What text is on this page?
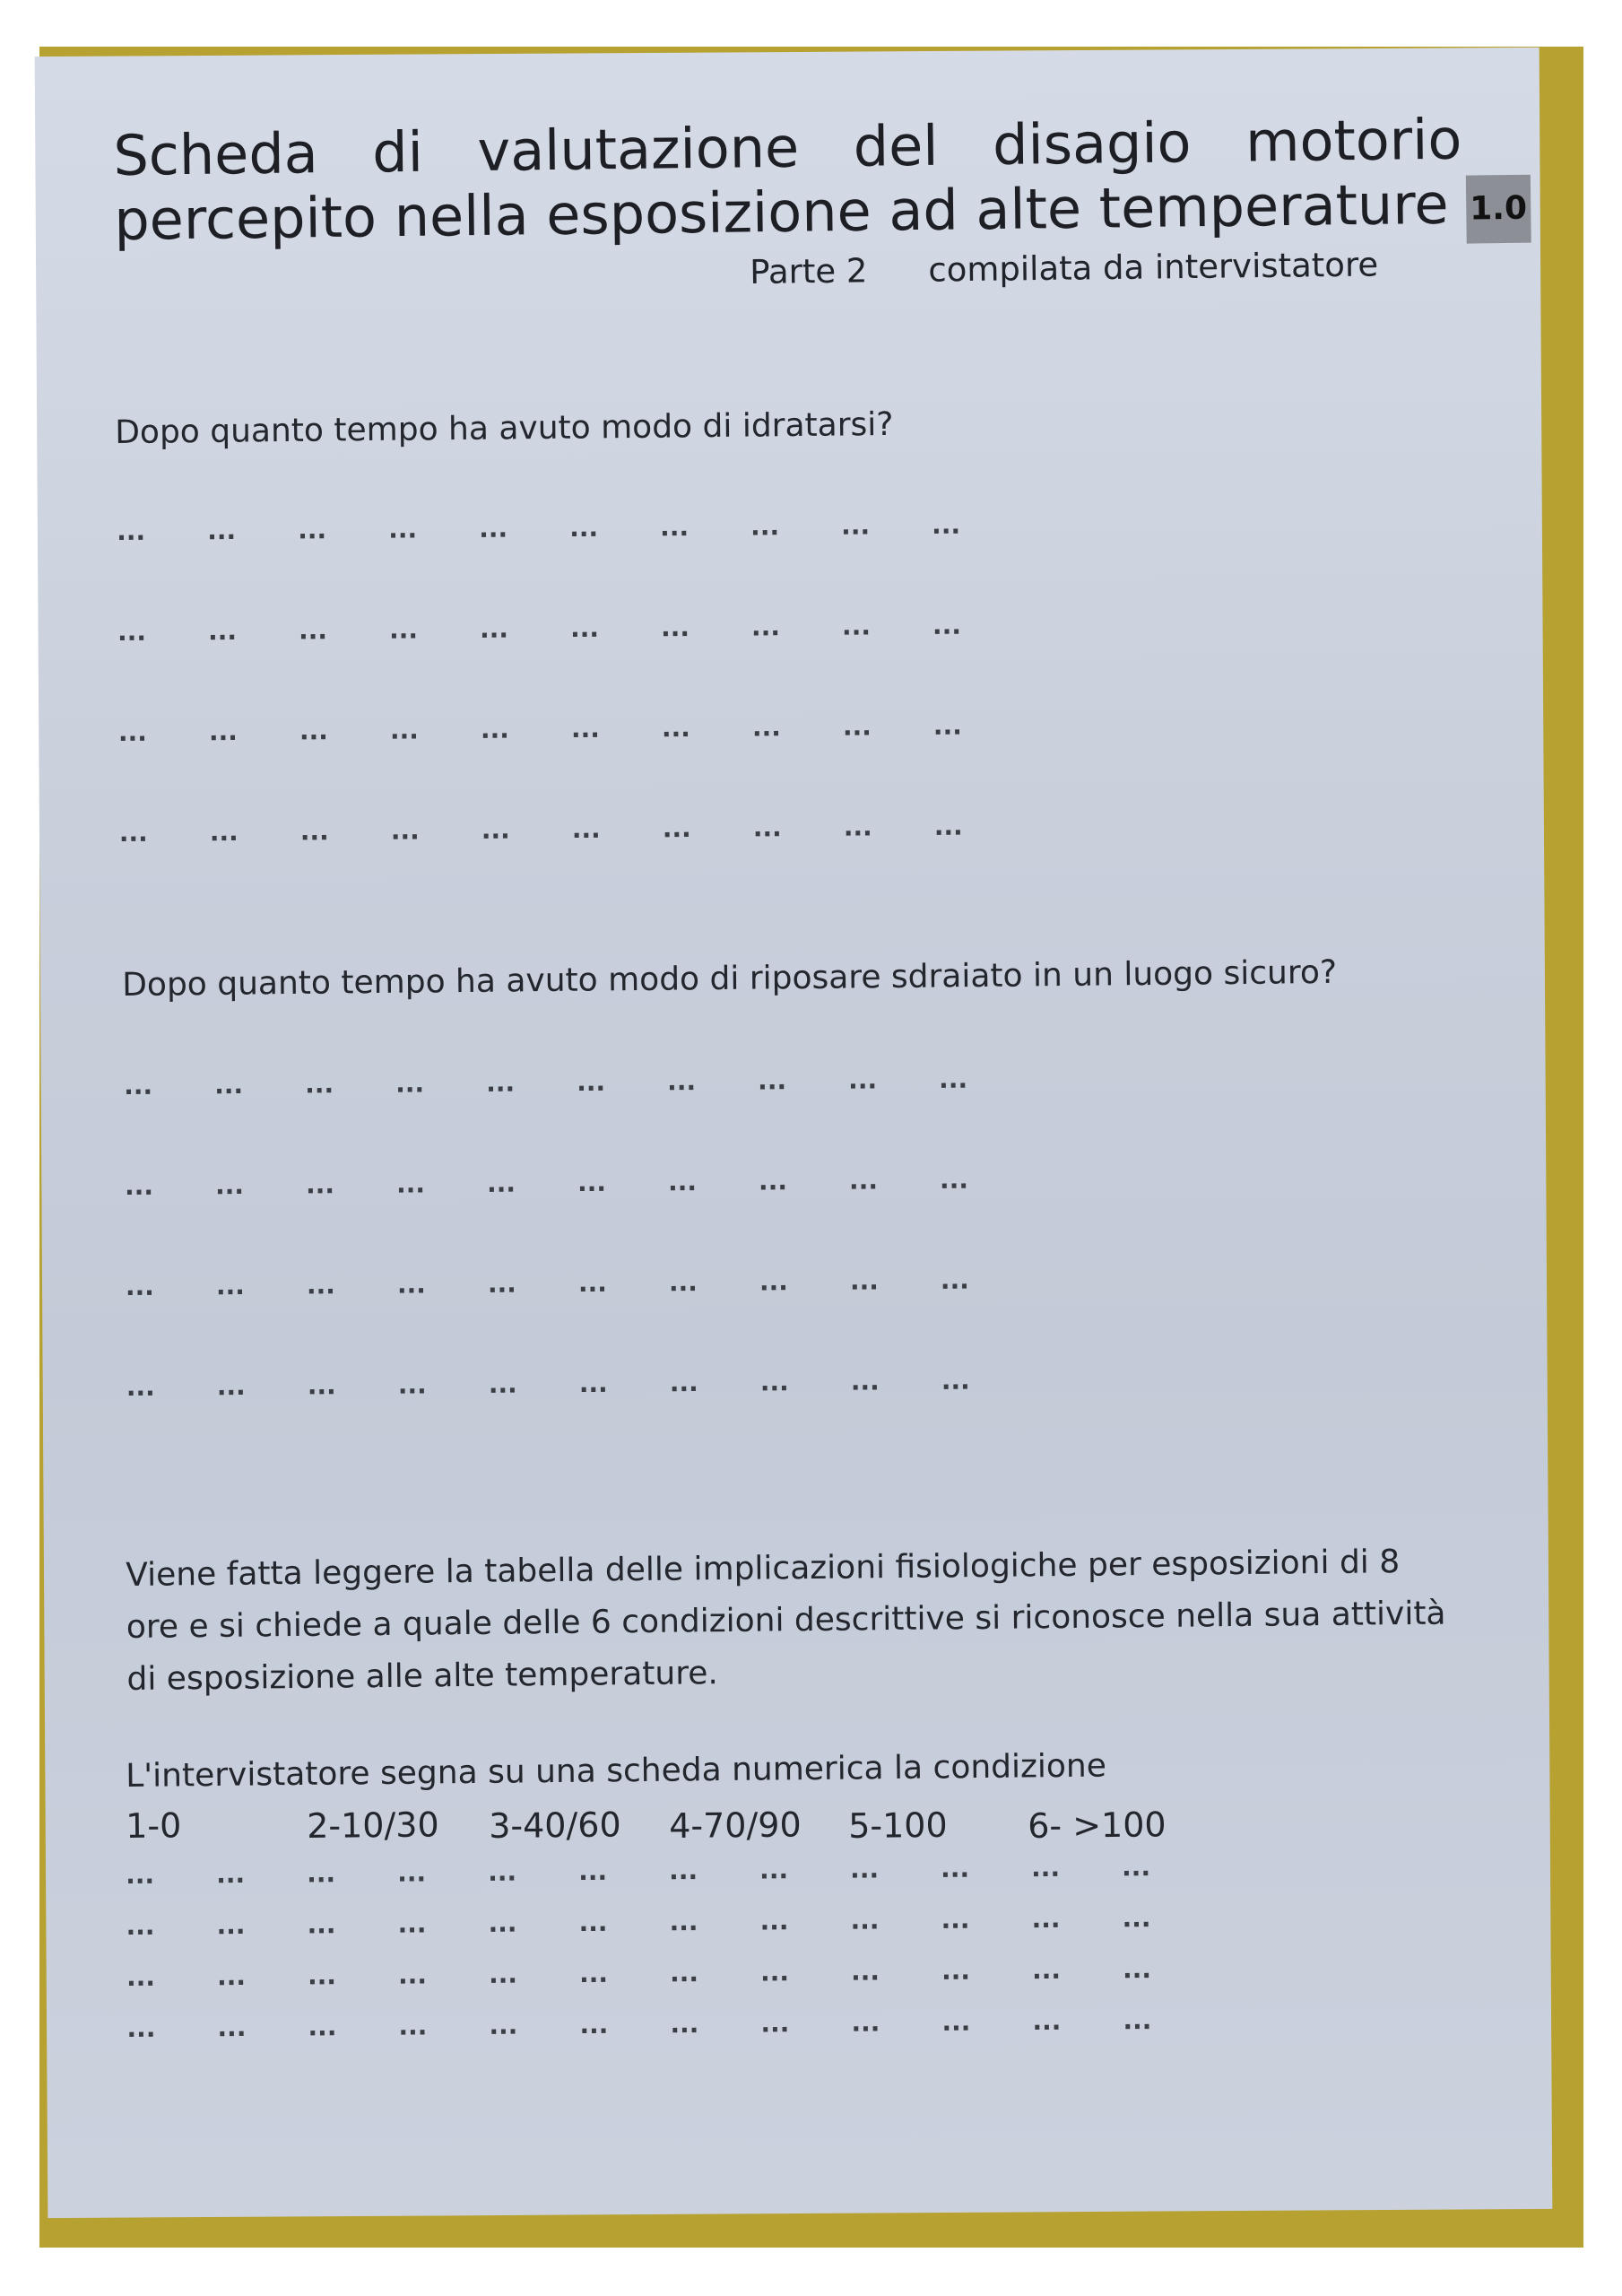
Scheda di valutazione del disagio motorio
percepito nella esposizione ad alte temperature 1.0
Parte 2 compilata da intervistatore
Dopo quanto tempo ha avuto modo di idratarsi?
... ... ... ... ... ... ... ... ... ...
... ... ... ... ... ... ... ... ... ...
... ... ... ... ... ... ... ... ... ...
... ... ... ... ... ... ... ... ... ...
Dopo quanto tempo ha avuto modo di riposare sdraiato in un luogo sicuro?
... ... ... ... ... ... ... ... ... ...
... ... ... ... ... ... ... ... ... ...
... ... ... ... ... ... ... ... ... ...
... ... ... ... ... ... ... ... ... ...
Viene fatta leggere la tabella delle implicazioni fisiologiche per esposizioni di 8
ore e si chiede a quale delle 6 condizioni descrittive si riconosce nella sua attività
di esposizione alle alte temperature.
L'intervistatore segna su una scheda numerica la condizione
1-0	2-10/30 3-40/60 4-70/90 5-100 6- >100
... ... ... ... ... ... ... ... ... ... ... ...
... ... ... ... ... ... ... ... ... ... ... ...
... ... ... ... ... ... ... ... ... ... ... ...
... ... ... ... ... ... ... ... ... ... ... ...
